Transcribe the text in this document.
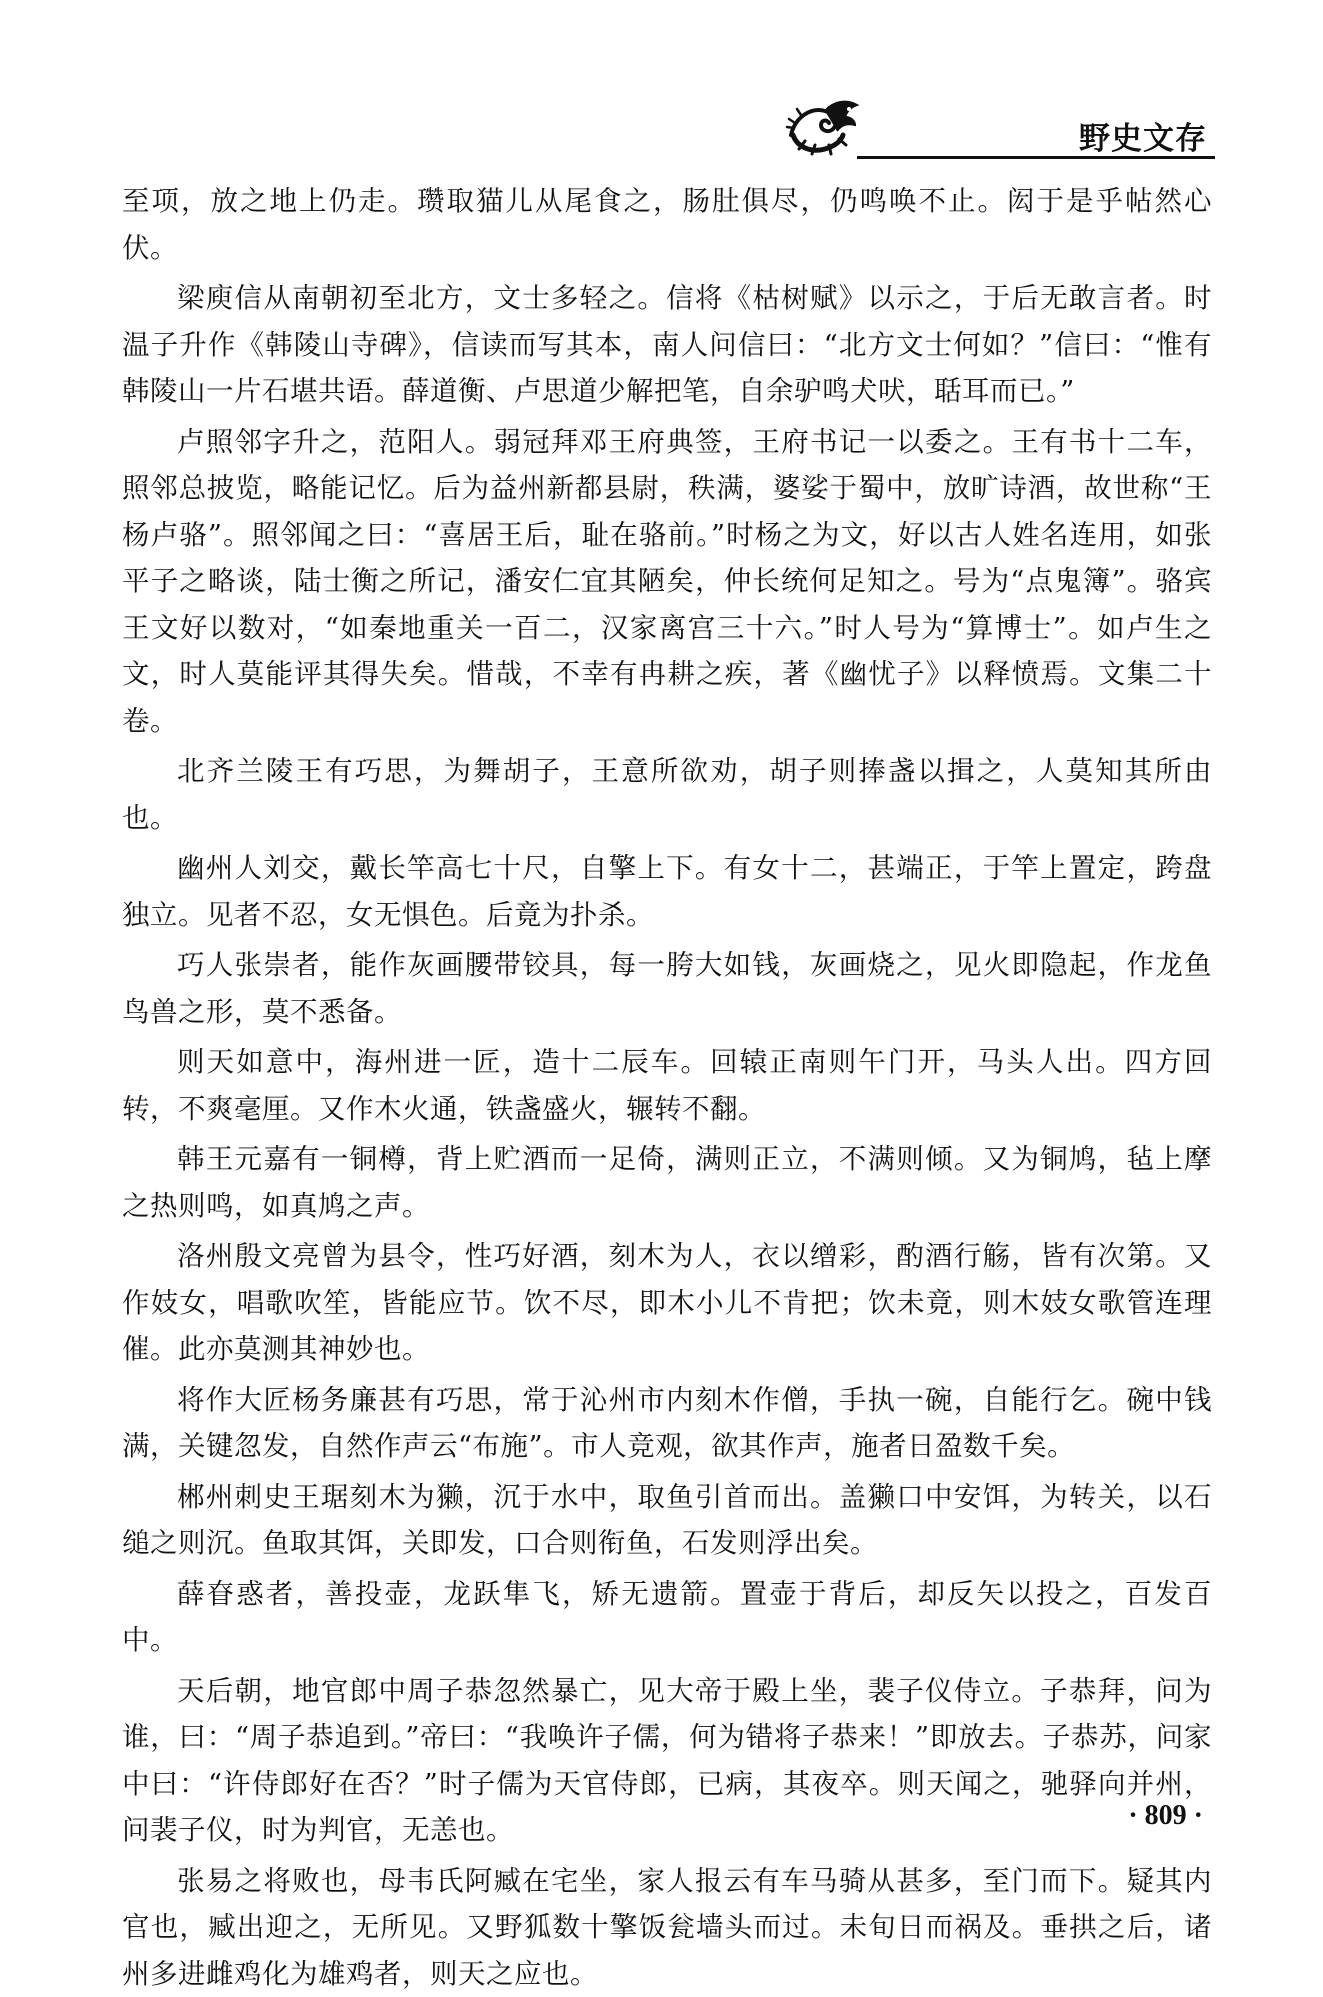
野史文存

至项，放之地上仍走。瓒取猫儿从尾食之，肠肚俱尽，仍鸣唤不止。闳于是乎帖然心伏。

梁庾信从南朝初至北方，文士多轻之。信将《枯树赋》以示之，于后无敢言者。时温子升作《韩陵山寺碑》，信读而写其本，南人问信曰：“北方文士何如？”信曰：“惟有韩陵山一片石堪共语。薛道衡、卢思道少解把笔，自余驴鸣犬吠，聒耳而已。”

卢照邻字升之，范阳人。弱冠拜邓王府典签，王府书记一以委之。王有书十二车，照邻总披览，略能记忆。后为益州新都县尉，秩满，婆娑于蜀中，放旷诗酒，故世称“王杨卢骆”。照邻闻之曰：“喜居王后，耻在骆前。”时杨之为文，好以古人姓名连用，如张平子之略谈，陆士衡之所记，潘安仁宜其陋矣，仲长统何足知之。号为“点鬼簿”。骆宾王文好以数对，“如秦地重关一百二，汉家离宫三十六。”时人号为“算博士”。如卢生之文，时人莫能评其得失矣。惜哉，不幸有冉耕之疾，著《幽忧子》以释愤焉。文集二十卷。

北齐兰陵王有巧思，为舞胡子，王意所欲劝，胡子则捧盏以揖之，人莫知其所由也。

幽州人刘交，戴长竿高七十尺，自擎上下。有女十二，甚端正，于竿上置定，跨盘独立。见者不忍，女无惧色。后竟为扑杀。

巧人张崇者，能作灰画腰带铰具，每一胯大如钱，灰画烧之，见火即隐起，作龙鱼鸟兽之形，莫不悉备。

则天如意中，海州进一匠，造十二辰车。回辕正南则午门开，马头人出。四方回转，不爽毫厘。又作木火通，铁盏盛火，辗转不翻。

韩王元嘉有一铜樽，背上贮酒而一足倚，满则正立，不满则倾。又为铜鸠，毡上摩之热则鸣，如真鸠之声。

洛州殷文亮曾为县令，性巧好酒，刻木为人，衣以缯彩，酌酒行觞，皆有次第。又作妓女，唱歌吹笙，皆能应节。饮不尽，即木小儿不肯把；饮未竟，则木妓女歌管连理催。此亦莫测其神妙也。

将作大匠杨务廉甚有巧思，常于沁州市内刻木作僧，手执一碗，自能行乞。碗中钱满，关键忽发，自然作声云“布施”。市人竞观，欲其作声，施者日盈数千矣。

郴州刺史王琚刻木为獭，沉于水中，取鱼引首而出。盖獭口中安饵，为转关，以石缒之则沉。鱼取其饵，关即发，口合则衔鱼，石发则浮出矣。

薛眘惑者，善投壶，龙跃隼飞，矫无遗箭。置壶于背后，却反矢以投之，百发百中。

天后朝，地官郎中周子恭忽然暴亡，见大帝于殿上坐，裴子仪侍立。子恭拜，问为谁，曰：“周子恭追到。”帝曰：“我唤许子儒，何为错将子恭来！”即放去。子恭苏，问家中曰：“许侍郎好在否？”时子儒为天官侍郎，已病，其夜卒。则天闻之，驰驿向并州，问裴子仪，时为判官，无恙也。

张易之将败也，母韦氏阿臧在宅坐，家人报云有车马骑从甚多，至门而下。疑其内官也，臧出迎之，无所见。又野狐数十擎饭瓮墙头而过。未旬日而祸及。垂拱之后，诸州多进雌鸡化为雄鸡者，则天之应也。

· 809 ·
